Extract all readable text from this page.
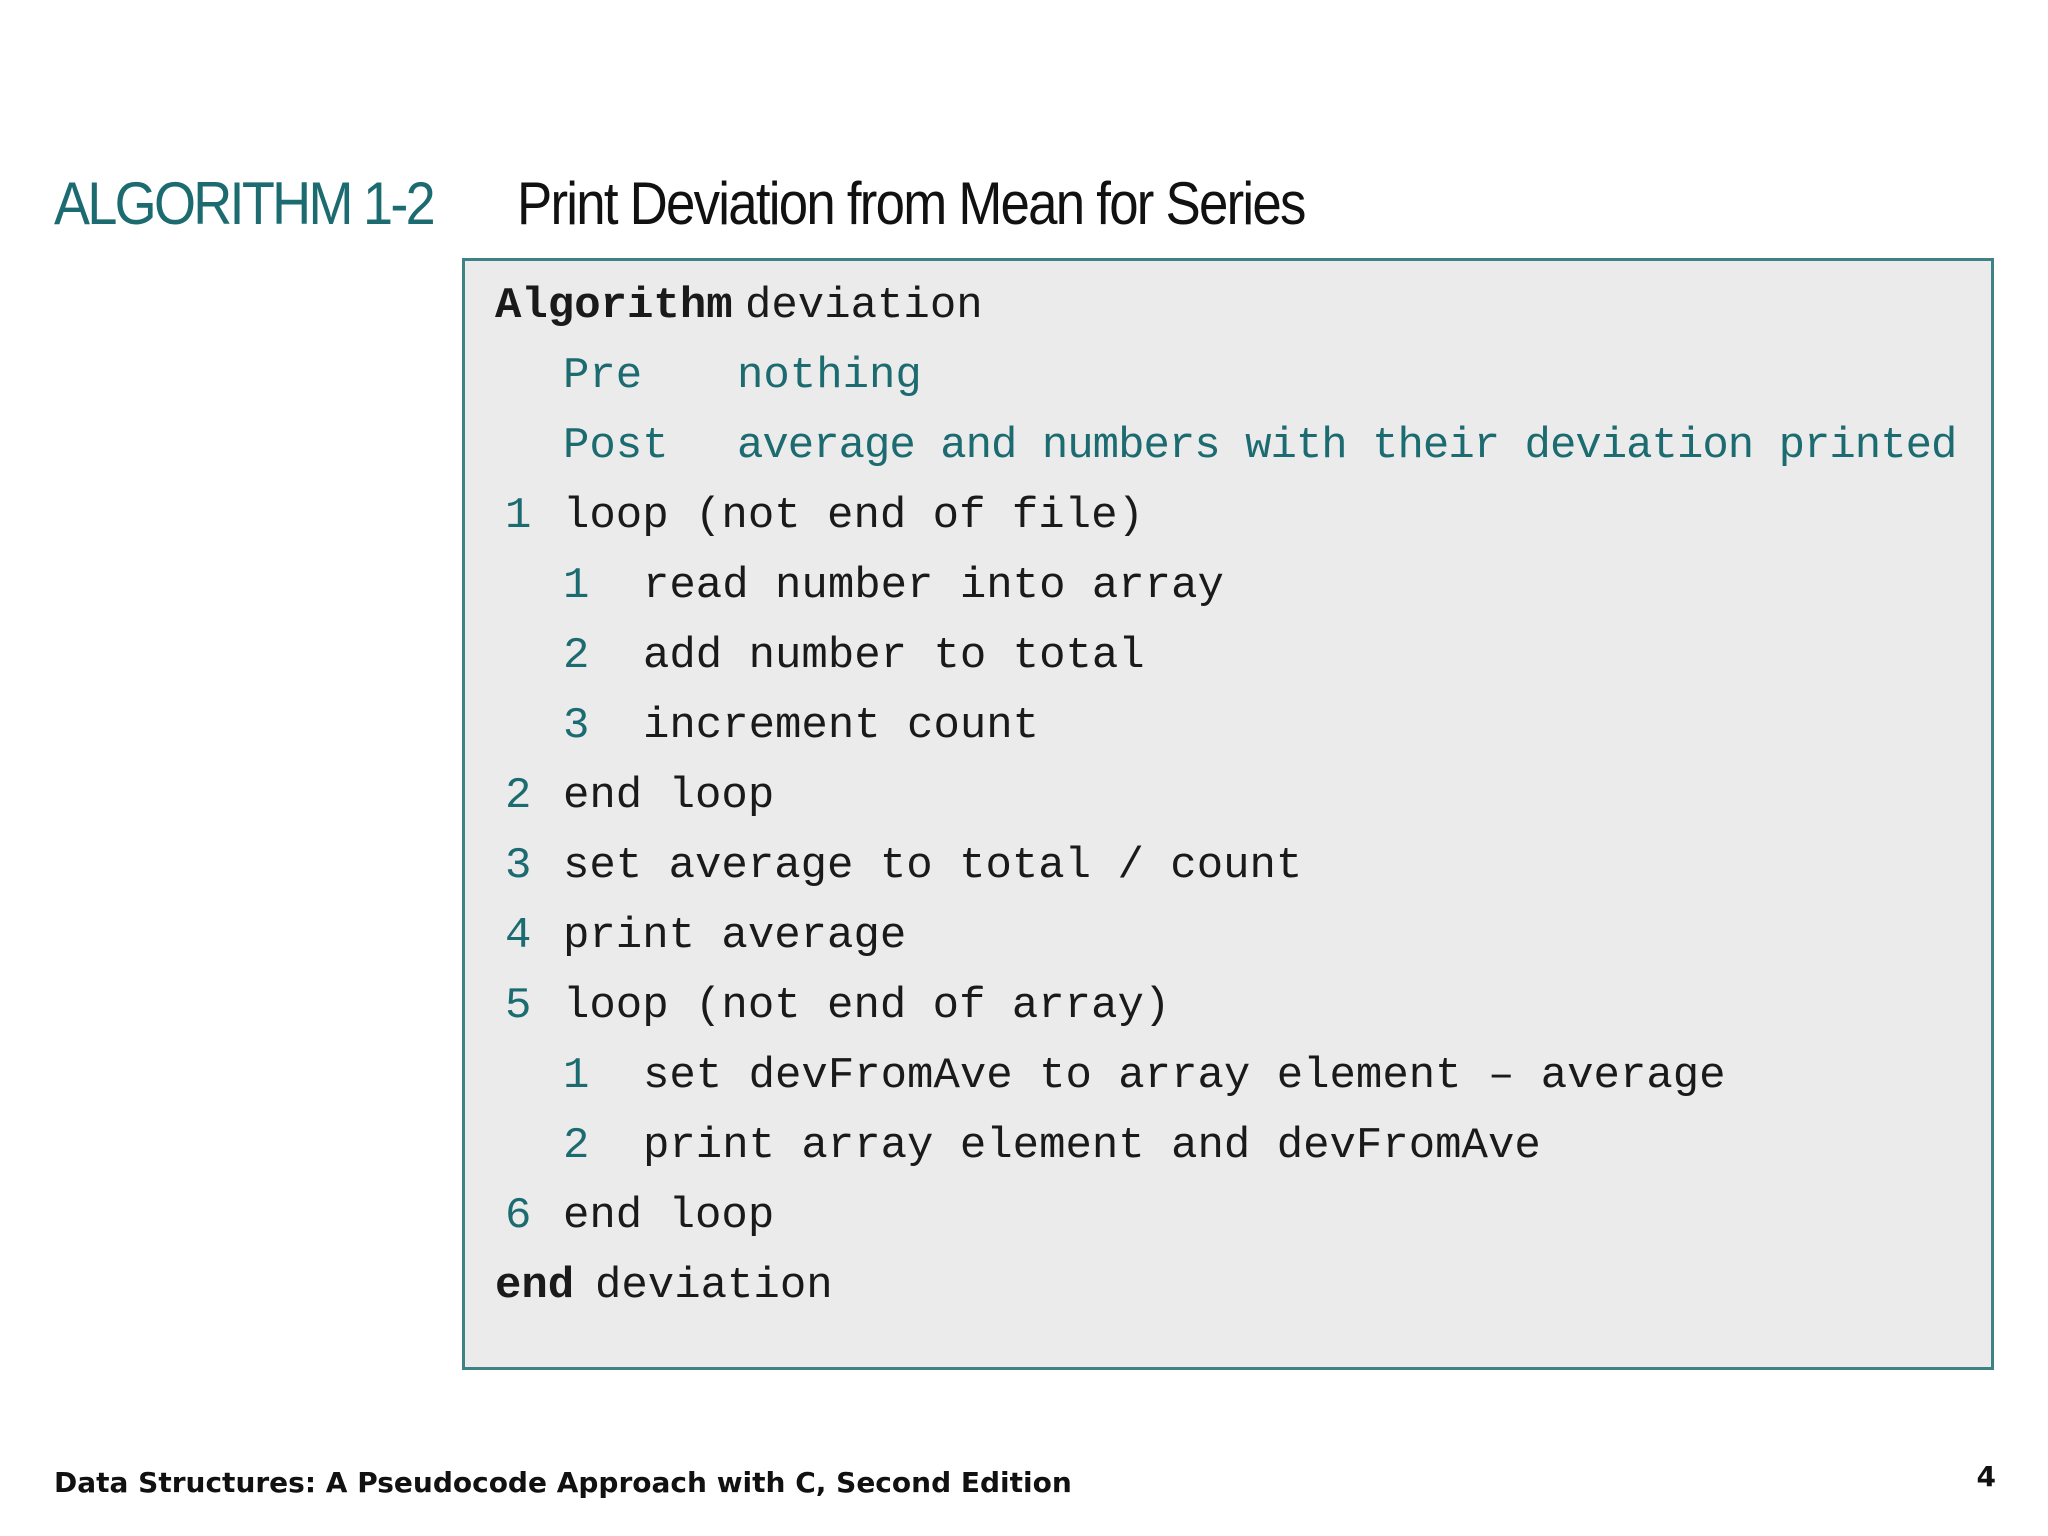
ALGORITHM 1-2 Print Deviation from Mean for Series

Algorithm

deviation

Pre

nothing

Post

average and numbers with their deviation printed

1

loop (not end of file)

1

read number into array

2

add number to total

3

increment count

2

end loop

3

set average to total / count

4

print average

5

loop (not end of array)

1

set devFromAve to array element – average

2

print array element and devFromAve

6

end loop

end

deviation

Data Structures: A Pseudocode Approach with C, Second Edition	4
